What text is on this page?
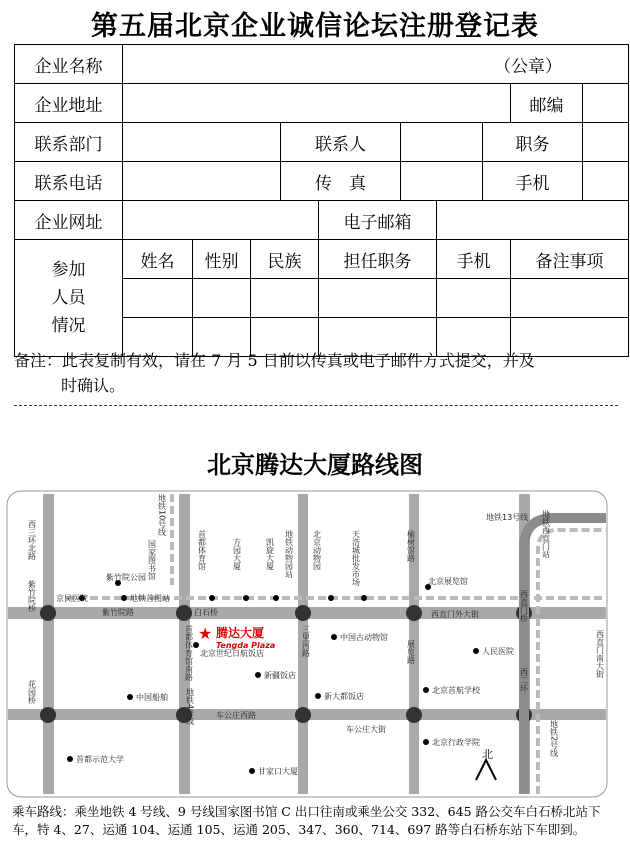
第五届北京企业诚信论坛注册登记表
企业名称	（公章）									
企业地址									邮编	
联系部门				联系人				职务		
联系电话				传　真				手机		
企业网址					电子邮箱					

参加
人员
情况	姓名	性别	民族		担任职务		手机		备注事项	

备注：此表复制有效，请在 7 月 5 日前以传真或电子邮件方式提交，并及
时确认。
北京腾达大厦路线图
★ 腾达大厦
Tengda Plaza
北
紫竹院路	白石桥	西直门外大街
车公庄西路
车公庄大街
地铁13号线
紫竹院公园
京民医院	地铁首图站
北京展览馆
北京世纪日航饭店
中国古动物馆
人民医院
新疆饭店
中国船舶	新大都饭店
北京首航学校
北京行政学院
首都示范大学
甘家口大厦
西三环北路
紫竹院桥
花园桥
地铁10号线
国家图书馆	首都体育馆	方园大厦	凯旋大厦 地铁动物园站 北京动物园	天浩城批发市场
首都体育馆南路	三里河路
榆树馆路
展览路
地铁西直门站
西直门桥
西直门南大街
西二环
地铁2号线
地铁4号线
乘车路线：乘坐地铁 4 号线、9 号线国家图书馆 C 出口往南或乘坐公交 332、645 路公交车白石桥北站下车，特 4、27、运通 104、运通 105、运通 205、347、360、714、697 路等白石桥东站下车即到。
